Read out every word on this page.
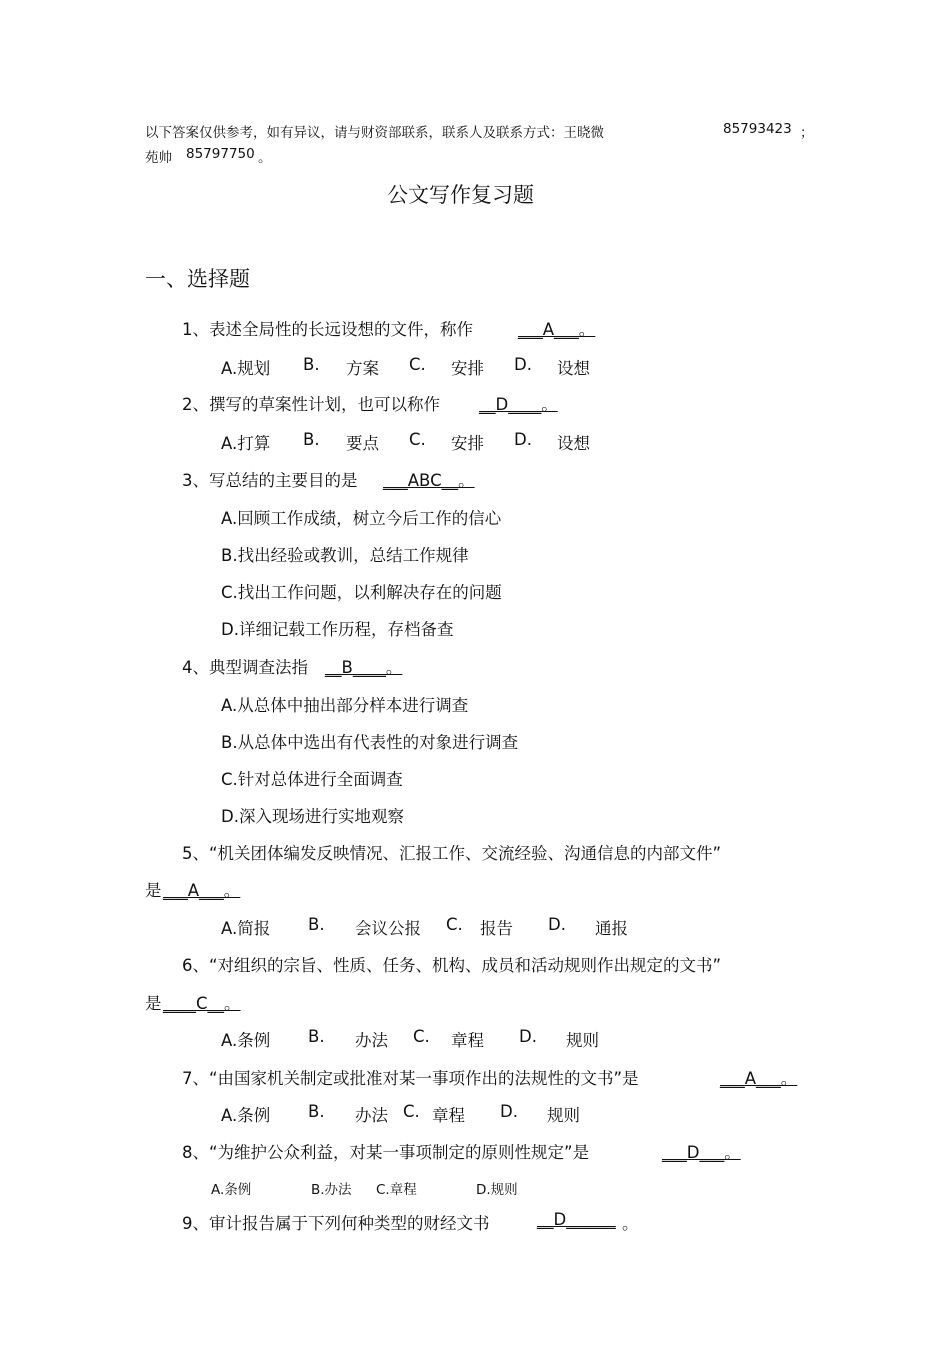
以下答案仅供参考，如有异议，请与财资部联系，联系人及联系方式：王晓微	85793423 ；
苑帅 85797750 。
公文写作复习题
一、选择题
1、表述全局性的长远设想的文件，称作	___A___。
A.规划 B. 方案 C. 安排 D. 设想
2、撰写的草案性计划，也可以称作 __D____。
A.打算 B. 要点 C. 安排 D. 设想
3、写总结的主要目的是 ___ABC__。
A.回顾工作成绩，树立今后工作的信心
B.找出经验或教训，总结工作规律
C.找出工作问题，以利解决存在的问题
D.详细记载工作历程，存档备查
4、典型调查法指 __B____。
A.从总体中抽出部分样本进行调查
B.从总体中选出有代表性的对象进行调查
C.针对总体进行全面调查
D.深入现场进行实地观察
5、“机关团体编发反映情况、汇报工作、交流经验、沟通信息的内部文件”
是 ___A___。
A.简报 B. 会议公报 C. 报告 D. 通报
6、“对组织的宗旨、性质、任务、机构、成员和活动规则作出规定的文书”
是 ____C__。
A.条例 B. 办法 C. 章程 D. 规则
7、“由国家机关制定或批准对某一事项作出的法规性的文书”是	___A___。
A.条例 B. 办法 C. 章程 D. 规则
8、“为维护公众利益，对某一事项制定的原则性规定”是	___D___。
A.条例	B.办法 C.章程	D.规则
9、审计报告属于下列何种类型的财经文书	__D______ 。
